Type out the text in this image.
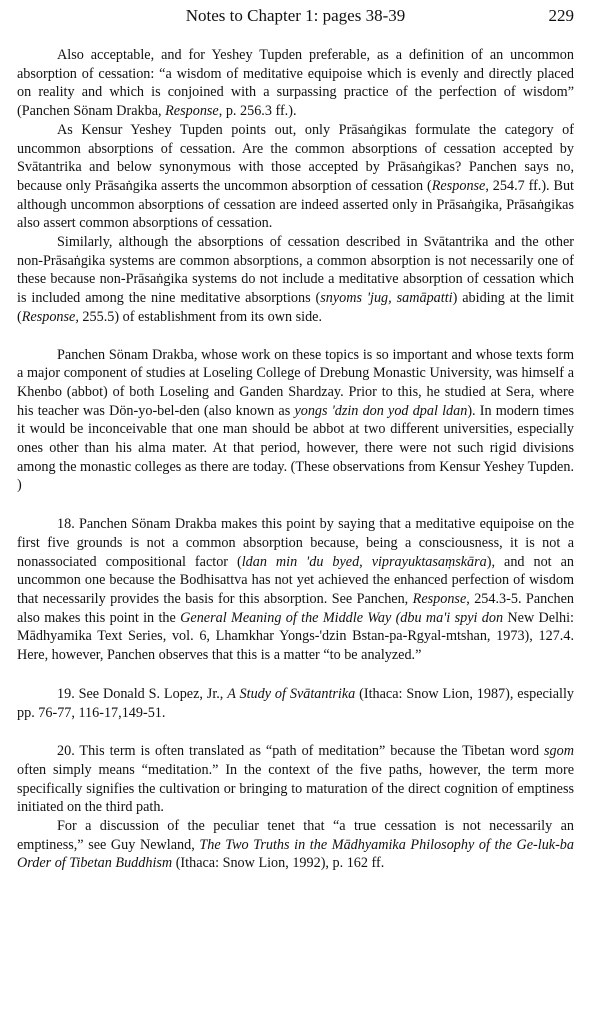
Notes to Chapter 1: pages 38-39	229

Also acceptable, and for Yeshey Tupden preferable, as a definition of an uncommon absorption of cessation: “a wisdom of meditative equipoise which is evenly and directly placed on reality and which is conjoined with a surpassing practice of the perfection of wisdom” (Panchen Sönam Drakba, Response, p. 256.3 ff.).

As Kensur Yeshey Tupden points out, only Prāsaṅgikas formulate the category of uncommon absorptions of cessation. Are the common absorptions of cessation accepted by Svātantrika and below synonymous with those accepted by Prāsaṅgikas? Panchen says no, because only Prāsaṅgika asserts the uncommon absorption of cessation (Response, 254.7 ff.). But although uncommon absorptions of cessation are indeed asserted only in Prāsaṅgika, Prāsaṅgikas also assert common absorptions of cessation.

Similarly, although the absorptions of cessation described in Svātantrika and the other non-Prāsaṅgika systems are common absorptions, a common absorption is not necessarily one of these because non-Prāsaṅgika systems do not include a meditative absorption of cessation which is included among the nine meditative absorptions (snyoms 'jug, samāpatti) abiding at the limit (Response, 255.5) of establishment from its own side.

Panchen Sönam Drakba, whose work on these topics is so important and whose texts form a major component of studies at Loseling College of Drebung Monastic University, was himself a Khenbo (abbot) of both Loseling and Ganden Shardzay. Prior to this, he studied at Sera, where his teacher was Dön-yo-bel-den (also known as yongs 'dzin don yod dpal ldan). In modern times it would be inconceivable that one man should be abbot at two different universities, especially ones other than his alma mater. At that period, however, there were not such rigid divisions among the monastic colleges as there are today. (These observations from Kensur Yeshey Tupden. )

18. Panchen Sönam Drakba makes this point by saying that a meditative equipoise on the first five grounds is not a common absorption because, being a consciousness, it is not a nonassociated compositional factor (ldan min 'du byed, viprayuktasaṃskāra), and not an uncommon one because the Bodhisattva has not yet achieved the enhanced perfection of wisdom that necessarily provides the basis for this absorption. See Panchen, Response, 254.3-5. Panchen also makes this point in the General Meaning of the Middle Way (dbu ma'i spyi don New Delhi: Mādhyamika Text Series, vol. 6, Lhamkhar Yongs-'dzin Bstan-pa-Rgyal-mtshan, 1973), 127.4. Here, however, Panchen observes that this is a matter “to be analyzed.”

19. See Donald S. Lopez, Jr., A Study of Svātantrika (Ithaca: Snow Lion, 1987), especially pp. 76-77, 116-17,149-51.

20. This term is often translated as “path of meditation” because the Tibetan word sgom often simply means “meditation.” In the context of the five paths, however, the term more specifically signifies the cultivation or bringing to maturation of the direct cognition of emptiness initiated on the third path.

For a discussion of the peculiar tenet that “a true cessation is not necessarily an emptiness,” see Guy Newland, The Two Truths in the Mādhyamika Philosophy of the Ge-luk-ba Order of Tibetan Buddhism (Ithaca: Snow Lion, 1992), p. 162 ff.
